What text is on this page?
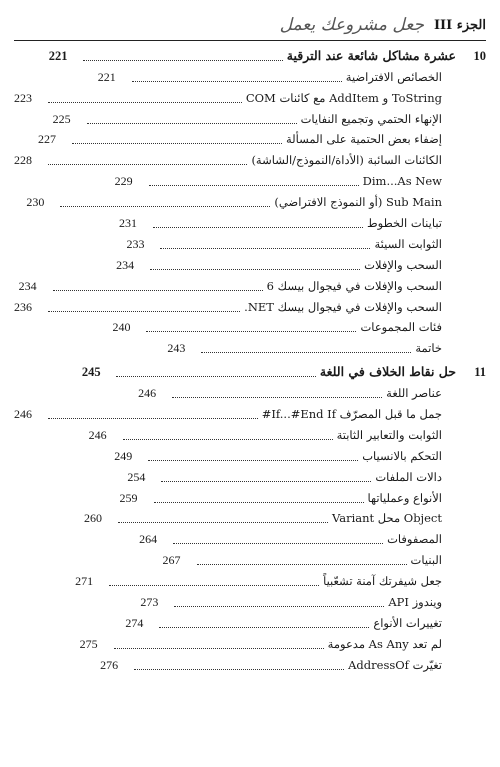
الجزء III
جعل مشروعك يعمل
10
عشرة مشاكل شائعة عند الترقية
221
الخصائص الافتراضية
221
ToString و AddItem مع كائنات COM
223
الإنهاء الحتمي وتجميع النفايات
225
إضفاء بعض الحتمية على المسألة
227
الكائنات السائبة (الأداة/النموذج/الشاشة)
228
Dim...As New
229
Sub Main (أو النموذج الافتراضي)
230
تباينات الخطوط
231
الثوابت السيئة
233
السحب والإفلات
234
السحب والإفلات في فيجوال بيسك 6
234
السحب والإفلات في فيجوال بيسك NET.
236
فئات المجموعات
240
خاتمة
243
11
حل نقاط الخلاف في اللغة
245
عناصر اللغة
246
جمل ما قبل المصرّف If...#End If#
246
الثوابت والتعابير الثابتة
246
التحكم بالانسياب
249
دالات الملفات
254
الأنواع وعملياتها
259
Object محل Variant
260
المصفوفات
264
البنيات
267
جعل شيفرتك آمنة تشعّبياً
271
ويندوز API
273
تغييرات الأنواع
274
لم تعد As Any مدعومة
275
تغيّرت AddressOf
276
